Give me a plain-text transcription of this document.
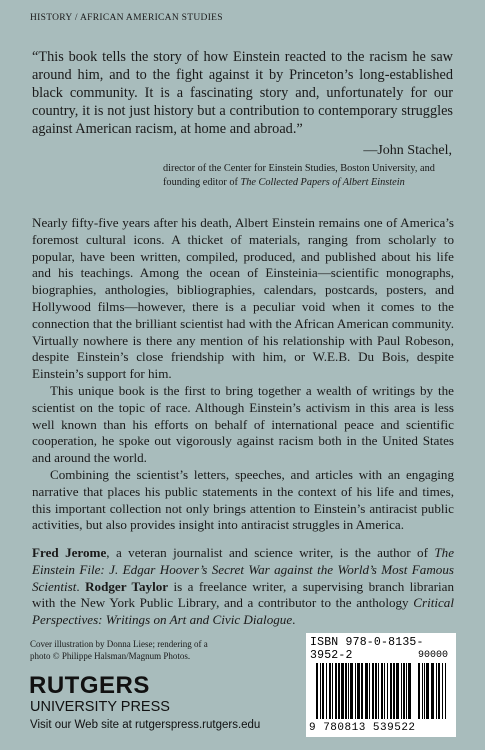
HISTORY / AFRICAN AMERICAN STUDIES
“This book tells the story of how Einstein reacted to the racism he saw around him, and to the fight against it by Princeton’s long-established black community. It is a fascinating story and, unfortunately for our country, it is not just history but a contribution to contemporary struggles against American racism, at home and abroad.”
—John Stachel,
director of the Center for Einstein Studies, Boston University, and
founding editor of The Collected Papers of Albert Einstein

Nearly fifty-five years after his death, Albert Einstein remains one of America’s foremost cultural icons. A thicket of materials, ranging from scholarly to popular, have been written, compiled, produced, and published about his life and his teachings. Among the ocean of Einsteinia—scientific monographs, biographies, anthologies, bibliographies, calendars, postcards, posters, and Hollywood films—however, there is a peculiar void when it comes to the connection that the brilliant scientist had with the African American community. Virtually nowhere is there any mention of his relationship with Paul Robeson, despite Einstein’s close friendship with him, or W.E.B. Du Bois, despite Einstein’s support for him.

This unique book is the first to bring together a wealth of writings by the scientist on the topic of race. Although Einstein’s activism in this area is less well known than his efforts on behalf of international peace and scientific cooperation, he spoke out vigorously against racism both in the United States and around the world.

Combining the scientist’s letters, speeches, and articles with an engaging narrative that places his public statements in the context of his life and times, this important collection not only brings attention to Einstein’s antiracist public activities, but also provides insight into antiracist struggles in America.

Fred Jerome, a veteran journalist and science writer, is the author of The Einstein File: J. Edgar Hoover’s Secret War against the World’s Most Famous Scientist. Rodger Taylor is a freelance writer, a supervising branch librarian with the New York Public Library, and a contributor to the anthology Critical Perspectives: Writings on Art and Civic Dialogue.
Cover illustration by Donna Liese; rendering of a photo © Philippe Halsman/Magnum Photos.
RUTGERS
UNIVERSITY PRESS
Visit our Web site at rutgerspress.rutgers.edu
ISBN 978-0-8135-3952-2	90000
9 780813 539522
